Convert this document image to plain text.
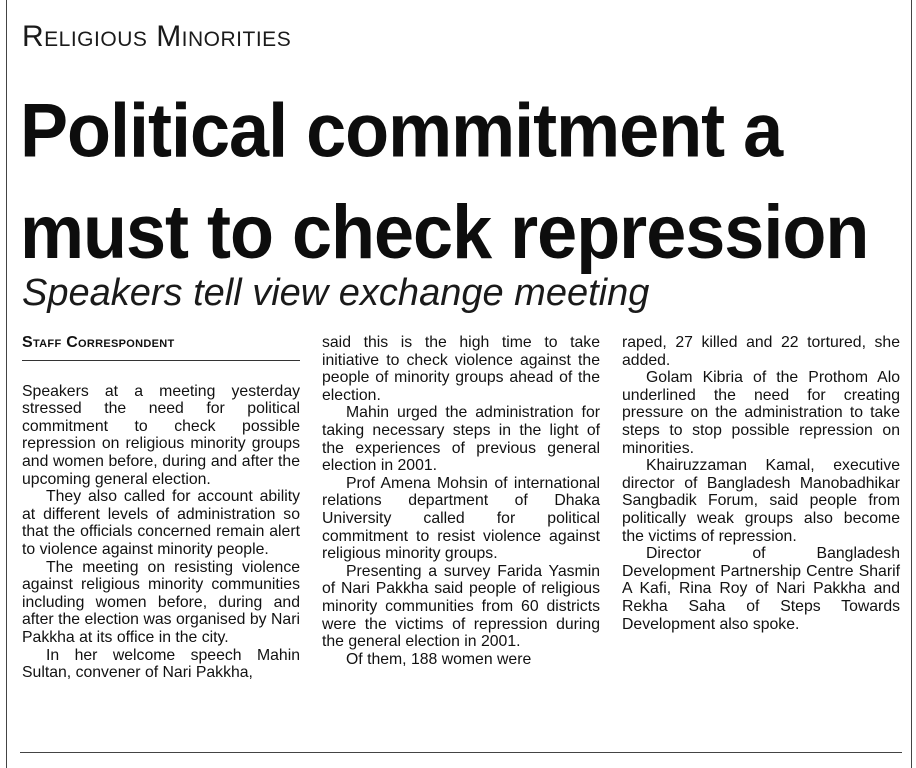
Religious Minorities
Political commitment a
must to check repression
Speakers tell view exchange meeting
Staff Correspondent

Speakers at a meeting yesterday stressed the need for political commitment to check possible repression on religious minority groups and women before, during and after the upcoming general election.

They also called for account ability at different levels of administration so that the officials concerned remain alert to violence against minority people.

The meeting on resisting violence against religious minority communities including women before, during and after the election was organised by Nari Pakkha at its office in the city.

In her welcome speech Mahin Sultan, convener of Nari Pakkha,

said this is the high time to take initiative to check violence against the people of minority groups ahead of the election.

Mahin urged the administration for taking necessary steps in the light of the experiences of previous general election in 2001.

Prof Amena Mohsin of international relations department of Dhaka University called for political commitment to resist violence against religious minority groups.

Presenting a survey Farida Yasmin of Nari Pakkha said people of religious minority communities from 60 districts were the victims of repression during the general election in 2001.

Of them, 188 women were

raped, 27 killed and 22 tortured, she added.

Golam Kibria of the Prothom Alo underlined the need for creating pressure on the administration to take steps to stop possible repression on minorities.

Khairuzzaman Kamal, executive director of Bangladesh Manobadhikar Sangbadik Forum, said people from politically weak groups also become the victims of repression.

Director of Bangladesh Development Partnership Centre Sharif A Kafi, Rina Roy of Nari Pakkha and Rekha Saha of Steps Towards Development also spoke.
